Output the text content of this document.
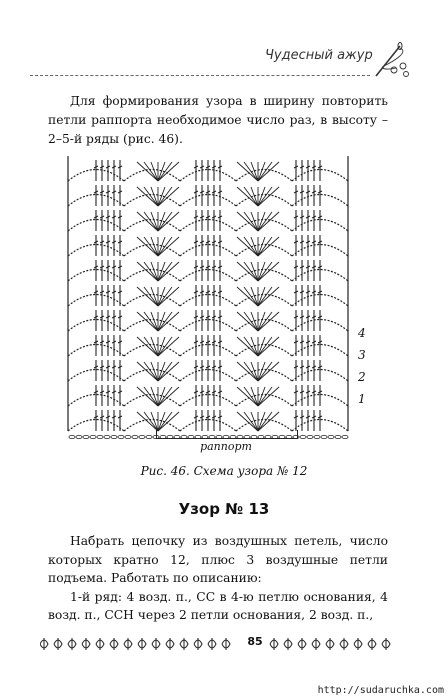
Чудесный ажур
Для формирования узора в ширину повторить петли раппорта необходимое число раз, в высоту – 2–5-й ряды (рис. 46).
4
3
2
1
раппорт
Рис. 46. Схема узора № 12
Узор № 13

Набрать цепочку из воздушных петель, число которых кратно 12, плюс 3 воздушные петли подъема. Работать по описанию:

1-й ряд: 4 возд. п., СС в 4-ю петлю основания, 4 возд. п., ССН через 2 петли основания, 2 возд. п.,

85
http://sudaruchka.com
